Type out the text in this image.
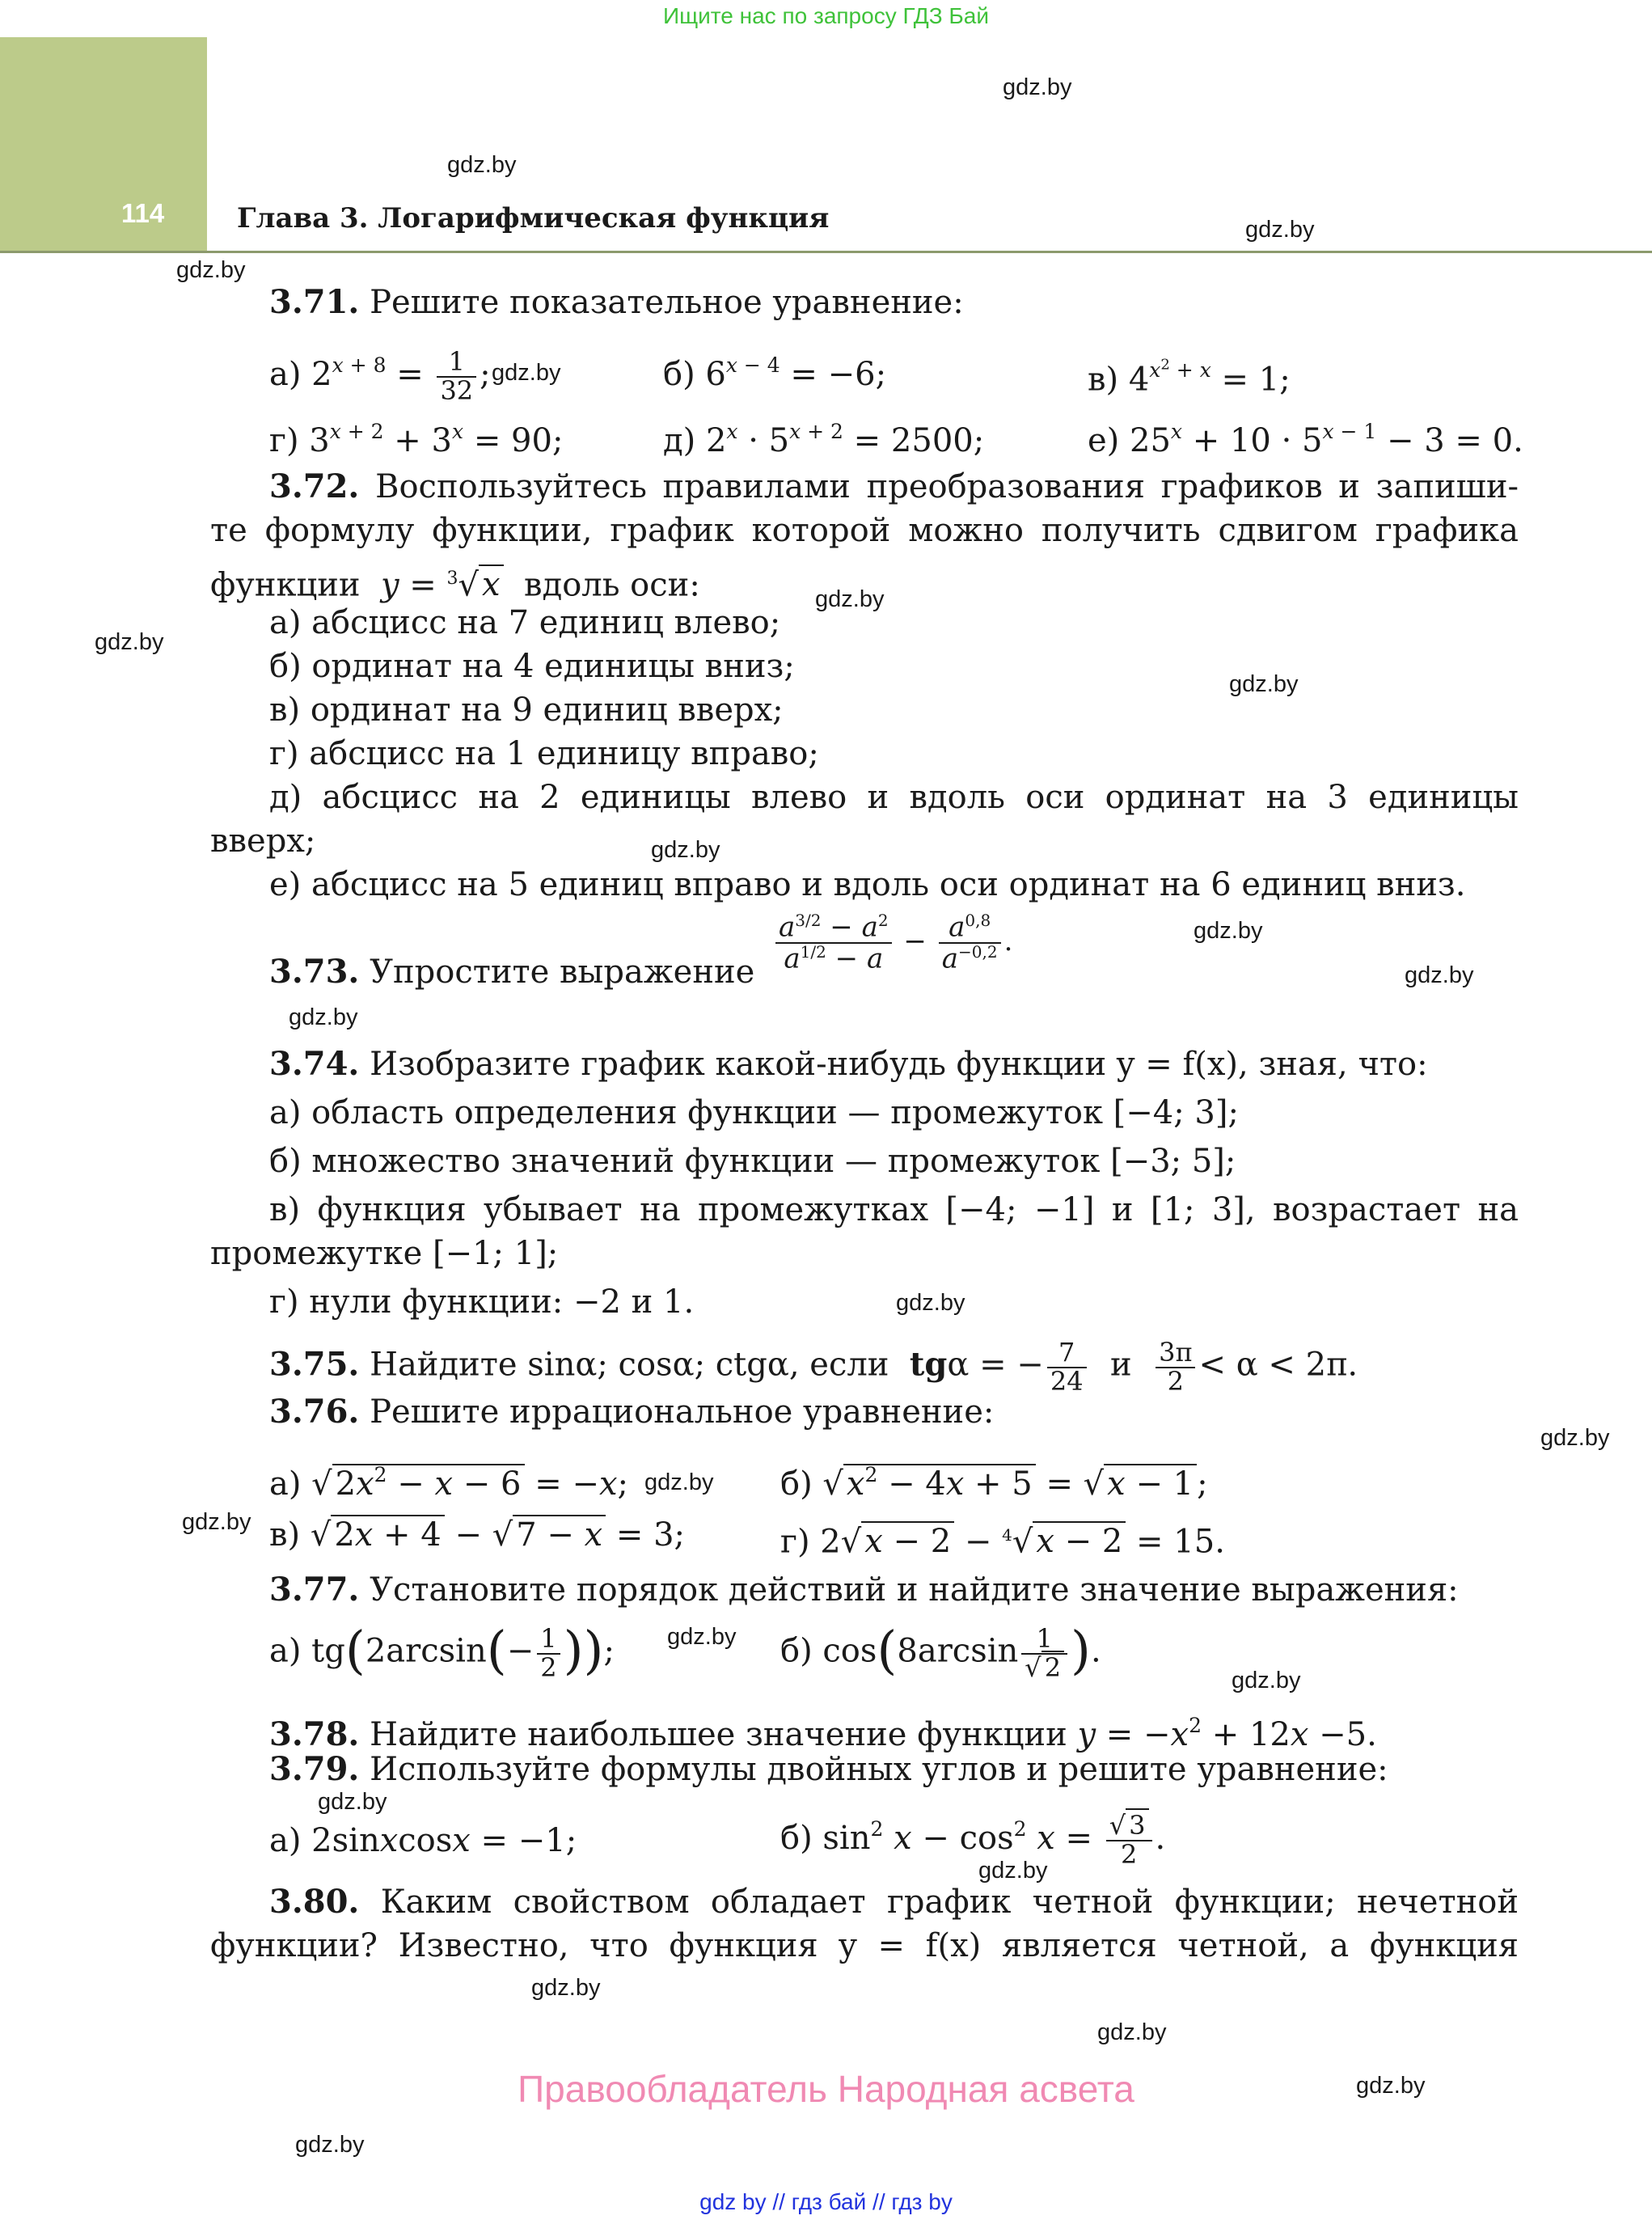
Ищите нас по запросу ГДЗ Бай
114	Глава 3. Логарифмическая функция
gdz.by
gdz.by
gdz.by
gdz.by
gdz.by
gdz.by
gdz.by
gdz.by
gdz.by
gdz.by
gdz.by
gdz.by
gdz.by
gdz.by
gdz.by
gdz.by
gdz.by
gdz.by
gdz.by
gdz.by
gdz.by
gdz.by
gdz.by
gdz.by
3.71. Решите показательное уравнение:
а) $2^{x + 8} = \frac{1}{32}$ ;	б) $6^{x - 4} = -6$;	в) $4^{x^2 + x} = 1$;
г) $3^{x + 2} + 3^x = 90$;	д) $2^x \cdot 5^{x + 2} = 2500$;	е) $25^x + 10 \cdot 5^{x - 1} - 3 = 0$.
3.72. Воспользуйтесь правилами преобразования графиков и запиши-
те формулу функции, график которой можно получить сдвигом графика
функции y = $^3$√ x вдоль оси:
а) абсцисс на 7 единиц влево;
б) ординат на 4 единицы вниз;
в) ординат на 9 единиц вверх;
г) абсцисс на 1 единицу вправо;
д) абсцисс на 2 единицы влево и вдоль оси ординат на 3 единицы
вверх;
е) абсцисс на 5 единиц вправо и вдоль оси ординат на 6 единиц вниз.
3.73. Упростите выражение $\frac{a^{3/2} - a^2}{a^{1/2} - a} - \frac{a^{0,8}}{a^{-0,2}}$ .
3.74. Изобразите график какой-нибудь функции y = f(x), зная, что:
а) область определения функции — промежуток [−4; 3];
б) множество значений функции — промежуток [−3; 5];
в) функция убывает на промежутках [−4; −1] и [1; 3], возрастает на
промежутке [−1; 1];
г) нули функции: −2 и 1.
3.75. Найдите sinα; cosα; ctgα, если tgα = − $\frac{7}{24}$ и $\frac{3\pi}{2} < \alpha < 2\pi$.
3.76. Решите иррациональное уравнение:
а) √ $2x^2 - x - 6 = -x$;	б) √ $x^2 - 4x + 5$ = √ x − 1 ;
в) √ 2x + 4 − √ 7 − x = 3;	г) 2√ x − 2 − $^4$√ x − 2 = 15.
3.77. Установите порядок действий и найдите значение выражения:
а) $tg(2\arcsin(- \frac{1}{2}$ ));	б) $\cos(8\arcsin \frac{1}{√ 2}$ ).
3.78. Найдите наибольшее значение функции $y = -x^2 + 12x -5$.
3.79. Используйте формулы двойных углов и решите уравнение:
а) 2sinxcosx = −1;	б) $\sin^2 x - \cos^2 x = \frac{√ 3}{2}$ .
3.80. Каким свойством обладает график четной функции; нечетной
функции? Известно, что функция y = f(x) является четной, а функция
Правообладатель Народная асвета
gdz by // гдз бай // гдз by
